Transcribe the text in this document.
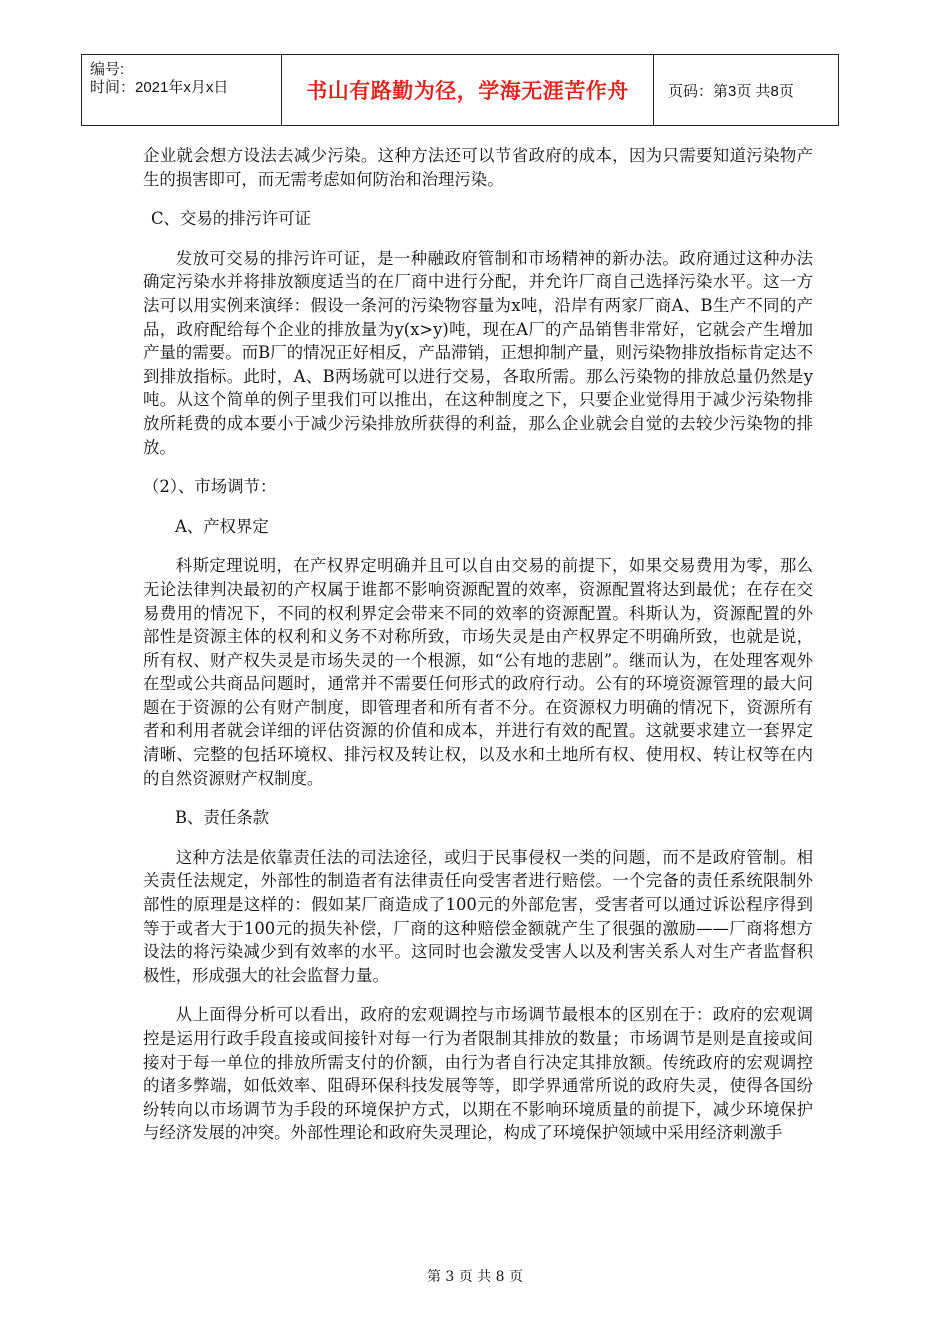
编号:
时间：2021年x月x日	书山有路勤为径，学海无涯苦作舟	页码：第3页 共8页

企业就会想方设法去减少污染。这种方法还可以节省政府的成本，因为只需要知道污染物产生的损害即可，而无需考虑如何防治和治理污染。

C、交易的排污许可证

发放可交易的排污许可证，是一种融政府管制和市场精神的新办法。政府通过这种办法确定污染水并将排放额度适当的在厂商中进行分配，并允许厂商自己选择污染水平。这一方法可以用实例来演绎：假设一条河的污染物容量为x吨，沿岸有两家厂商A、B生产不同的产品，政府配给每个企业的排放量为y(x>y)吨，现在A厂的产品销售非常好，它就会产生增加产量的需要。而B厂的情况正好相反，产品滞销，正想抑制产量，则污染物排放指标肯定达不到排放指标。此时，A、B两场就可以进行交易，各取所需。那么污染物的排放总量仍然是y吨。从这个简单的例子里我们可以推出，在这种制度之下，只要企业觉得用于减少污染物排放所耗费的成本要小于减少污染排放所获得的利益，那么企业就会自觉的去较少污染物的排放。

（2）、市场调节：

A、产权界定

科斯定理说明，在产权界定明确并且可以自由交易的前提下，如果交易费用为零，那么无论法律判决最初的产权属于谁都不影响资源配置的效率，资源配置将达到最优；在存在交易费用的情况下，不同的权利界定会带来不同的效率的资源配置。科斯认为，资源配置的外部性是资源主体的权利和义务不对称所致，市场失灵是由产权界定不明确所致，也就是说，所有权、财产权失灵是市场失灵的一个根源，如“公有地的悲剧”。继而认为，在处理客观外在型或公共商品问题时，通常并不需要任何形式的政府行动。公有的环境资源管理的最大问题在于资源的公有财产制度，即管理者和所有者不分。在资源权力明确的情况下，资源所有者和利用者就会详细的评估资源的价值和成本，并进行有效的配置。这就要求建立一套界定清晰、完整的包括环境权、排污权及转让权，以及水和土地所有权、使用权、转让权等在内的自然资源财产权制度。

B、责任条款

这种方法是依靠责任法的司法途径，或归于民事侵权一类的问题，而不是政府管制。相关责任法规定，外部性的制造者有法律责任向受害者进行赔偿。一个完备的责任系统限制外部性的原理是这样的：假如某厂商造成了100元的外部危害，受害者可以通过诉讼程序得到等于或者大于100元的损失补偿，厂商的这种赔偿金额就产生了很强的激励——厂商将想方设法的将污染减少到有效率的水平。这同时也会激发受害人以及利害关系人对生产者监督积极性，形成强大的社会监督力量。

从上面得分析可以看出，政府的宏观调控与市场调节最根本的区别在于：政府的宏观调控是运用行政手段直接或间接针对每一行为者限制其排放的数量；市场调节是则是直接或间接对于每一单位的排放所需支付的价额，由行为者自行决定其排放额。传统政府的宏观调控的诸多弊端，如低效率、阻碍环保科技发展等等，即学界通常所说的政府失灵，使得各国纷纷转向以市场调节为手段的环境保护方式，以期在不影响环境质量的前提下，减少环境保护与经济发展的冲突。外部性理论和政府失灵理论，构成了环境保护领域中采用经济刺激手

第 3 页 共 8 页
